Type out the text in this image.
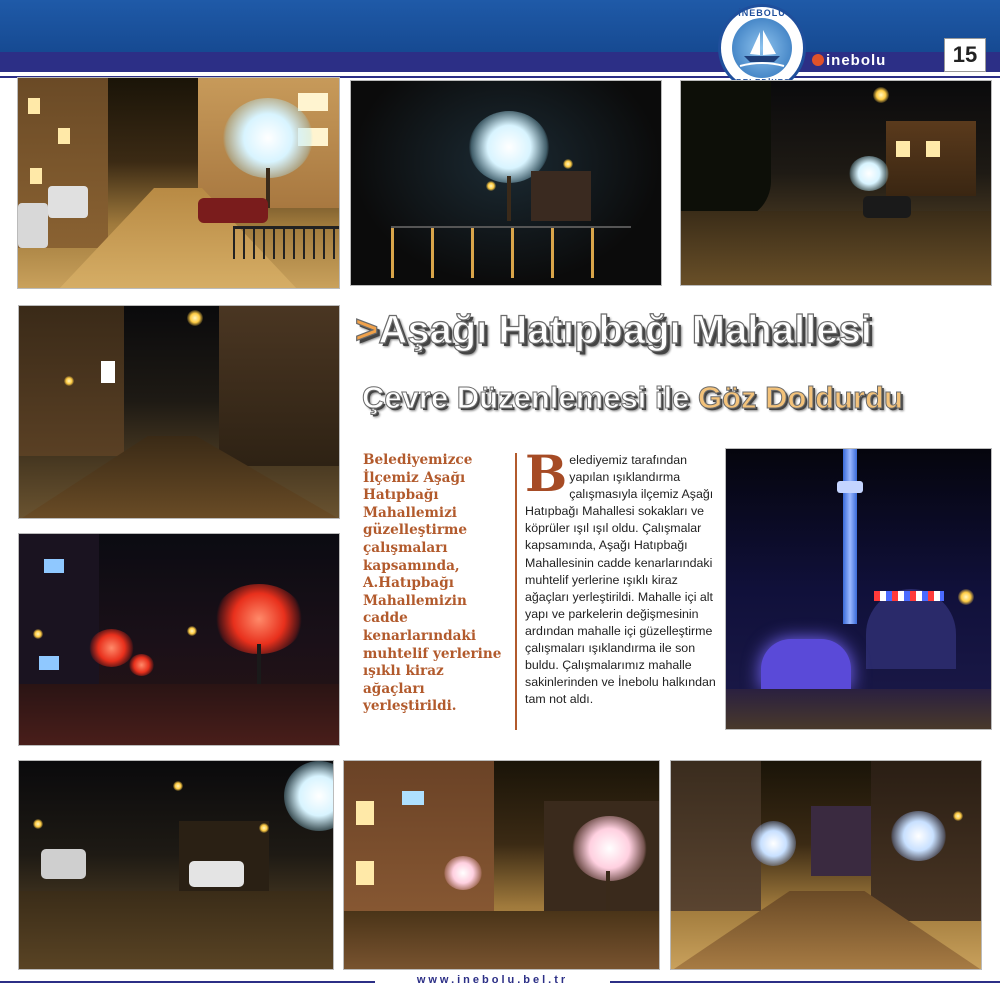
İNEBOLU
inebolu	15
>Aşağı Hatıpbağı Mahallesi
Çevre Düzenlemesi ile Göz Doldurdu
Belediyemizce İlçemiz Aşağı Hatıpbağı Mahallemizi güzelleştirme çalışmaları kapsamında, A.Hatıpbağı Mahallemizin cadde kenarlarındaki muhtelif yerlerine ışıklı kiraz ağaçları yerleştirildi.
Belediyemiz tarafından yapılan ışıklandırma çalışmasıyla ilçemiz Aşağı Hatıpbağı Mahallesi sokakları ve köprüler ışıl ışıl oldu. Çalışmalar kapsamında, Aşağı Hatıpbağı Mahallesinin cadde kenarlarındaki muhtelif yerlerine ışıklı kiraz ağaçları yerleştirildi. Mahalle içi alt yapı ve parkelerin değişmesinin ardından mahalle içi güzelleştirme çalışmaları ışıklandırma ile son buldu. Çalışmalarımız mahalle sakinlerinden ve İnebolu halkından tam not aldı.
www.inebolu.bel.tr
